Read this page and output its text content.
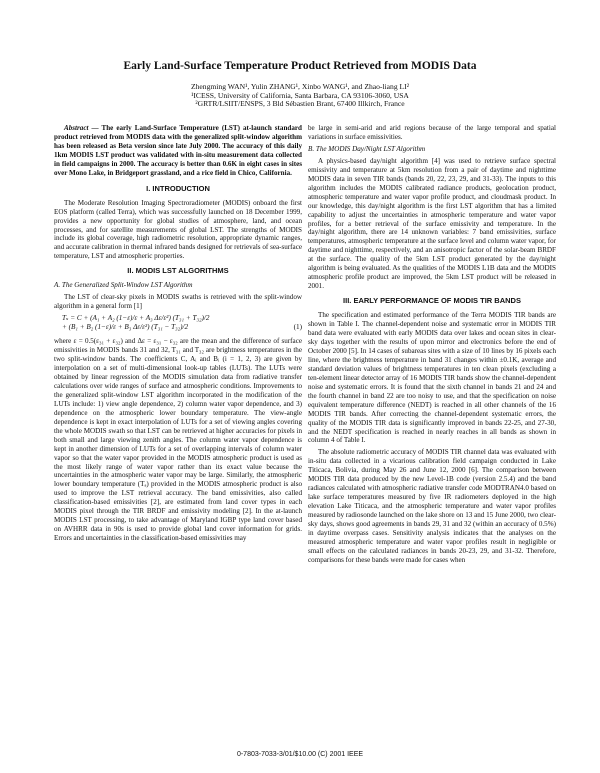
Early Land-Surface Temperature Product Retrieved from MODIS Data
Zhengming WAN¹, Yulin ZHANG¹, Xinbo WANG¹, and Zhao-liang LI²
¹ICESS, University of California, Santa Barbara, CA 93106-3060, USA
²GRTR/LSIIT/ENSPS, 3 Bld Sébastien Brant, 67400 Illkirch, France

Abstract — The early Land-Surface Temperature (LST) at-launch standard product retrieved from MODIS data with the generalized split-window algorithm has been released as Beta version since late July 2000. The accuracy of this daily 1km MODIS LST product was validated with in-situ measurement data collected in field campaigns in 2000. The accuracy is better than 0.6K in eight cases in sites over Mono Lake, in Bridgeport grassland, and a rice field in Chico, California.

I. INTRODUCTION

The Moderate Resolution Imaging Spectroradiometer (MODIS) onboard the first EOS platform (called Terra), which was successfully launched on 18 December 1999, provides a new opportunity for global studies of atmosphere, land, and ocean processes, and for satellite measurements of global LST. The strengths of MODIS include its global coverage, high radiometric resolution, appropriate dynamic ranges, and accurate calibration in thermal infrared bands designed for retrievals of sea-surface temperature, LST and atmospheric properties.

II. MODIS LST ALGORITHMS
A. The Generalized Split-Window LST Algorithm

The LST of clear-sky pixels in MODIS swaths is retrieved with the split-window algorithm in a general form [1]

Tₛ = C + (A₁ + A₂ (1−ε)/ε + A₃ Δε/ε²) (T₃₁ + T₃₂)/2
+ (B₁ + B₂ (1−ε)/ε + B₃ Δε/ε²) (T₃₁ − T₃₂)/2	(1)

where ε = 0.5(ε₃₁ + ε₃₂) and Δε = ε₃₁ − ε₃₂ are the mean and the difference of surface emissivities in MODIS bands 31 and 32, T₃₁ and T₃₂ are brightness temperatures in the two split-window bands. The coefficients C, Aᵢ and Bᵢ (i = 1, 2, 3) are given by interpolation on a set of multi-dimensional look-up tables (LUTs). The LUTs were obtained by linear regression of the MODIS simulation data from radiative transfer calculations over wide ranges of surface and atmospheric conditions. Improvements to the generalized split-window LST algorithm incorporated in the modification of the LUTs include: 1) view angle dependence, 2) column water vapor dependence, and 3) dependence on the atmospheric lower boundary temperature. The view-angle dependence is kept in exact interpolation of LUTs for a set of viewing angles covering the whole MODIS swath so that LST can be retrieved at higher accuracies for pixels in both small and large viewing zenith angles. The column water vapor dependence is kept in another dimension of LUTs for a set of overlapping intervals of column water vapor so that the water vapor provided in the MODIS atmospheric product is used as the most likely range of water vapor rather than its exact value because the uncertainties in the atmospheric water vapor may be large. Similarly, the atmospheric lower boundary temperature (Tₐ) provided in the MODIS atmospheric product is also used to improve the LST retrieval accuracy. The band emissivities, also called classification-based emissivities [2], are estimated from land cover types in each MODIS pixel through the TIR BRDF and emissivity modeling [2]. In the at-launch MODIS LST processing, to take advantage of Maryland IGBP type land cover based on AVHRR data in 90s is used to provide global land cover information for grids. Errors and uncertainties in the classification-based emissivities may

be large in semi-arid and arid regions because of the large temporal and spatial variations in surface emissivities.

B. The MODIS Day/Night LST Algorithm

A physics-based day/night algorithm [4] was used to retrieve surface spectral emissivity and temperature at 5km resolution from a pair of daytime and nighttime MODIS data in seven TIR bands (bands 20, 22, 23, 29, and 31-33). The inputs to this algorithm includes the MODIS calibrated radiance products, geolocation product, atmospheric temperature and water vapor profile product, and cloudmask product. In our knowledge, this day/night algorithm is the first LST algorithm that has a limited capability to adjust the uncertainties in atmospheric temperature and water vapor profiles, for a better retrieval of the surface emissivity and temperature. In the day/night algorithm, there are 14 unknown variables: 7 band emissivities, surface temperatures, atmospheric temperature at the surface level and column water vapor, for daytime and nighttime, respectively, and an anisotropic factor of the solar-beam BRDF at the surface. The quality of the 5km LST product generated by the day/night algorithm is being evaluated. As the qualities of the MODIS L1B data and the MODIS atmospheric profile product are improved, the 5km LST product will be released in 2001.

III. EARLY PERFORMANCE OF MODIS TIR BANDS

The specification and estimated performance of the Terra MODIS TIR bands are shown in Table I. The channel-dependent noise and systematic error in MODIS TIR band data were evaluated with early MODIS data over lakes and ocean sites in clear-sky days together with the results of upon mirror and electronics before the end of October 2000 [5]. In 14 cases of subareas sites with a size of 10 lines by 16 pixels each line, where the brightness temperature in band 31 changes within ±0.1K, average and standard deviation values of brightness temperatures in ten clean pixels (excluding a ten-element linear detector array of 16 MODIS TIR bands show the channel-dependent noise and systematic errors. It is found that the sixth channel in bands 21 and 24 and the fourth channel in band 22 are too noisy to use, and that the specification on noise equivalent temperature difference (NEDT) is reached in all other channels of the 16 MODIS TIR bands. After correcting the channel-dependent systematic errors, the quality of the MODIS TIR data is significantly improved in bands 22-25, and 27-30, and the NEDT specification is reached in nearly reaches in all bands as shown in column 4 of Table I.

The absolute radiometric accuracy of MODIS TIR channel data was evaluated with in-situ data collected in a vicarious calibration field campaign conducted in Lake Titicaca, Bolivia, during May 26 and June 12, 2000 [6]. The comparison between MODIS TIR data produced by the new Level-1B code (version 2.5.4) and the band radiances calculated with atmospheric radiative transfer code MODTRAN4.0 based on lake surface temperatures measured by five IR radiometers deployed in the high elevation Lake Titicaca, and the atmospheric temperature and water vapor profiles measured by radiosonde launched on the lake shore on 13 and 15 June 2000, two clear-sky days, shows good agreements in bands 29, 31 and 32 (within an accuracy of 0.5%) in daytime overpass cases. Sensitivity analysis indicates that the analyses on the measured atmospheric temperature and water vapor profiles result in negligible or small effects on the calculated radiances in bands 20-23, 29, and 31-32. Therefore, comparisons for these bands were made for cases when

0-7803-7033-3/01/$10.00 (C) 2001 IEEE
